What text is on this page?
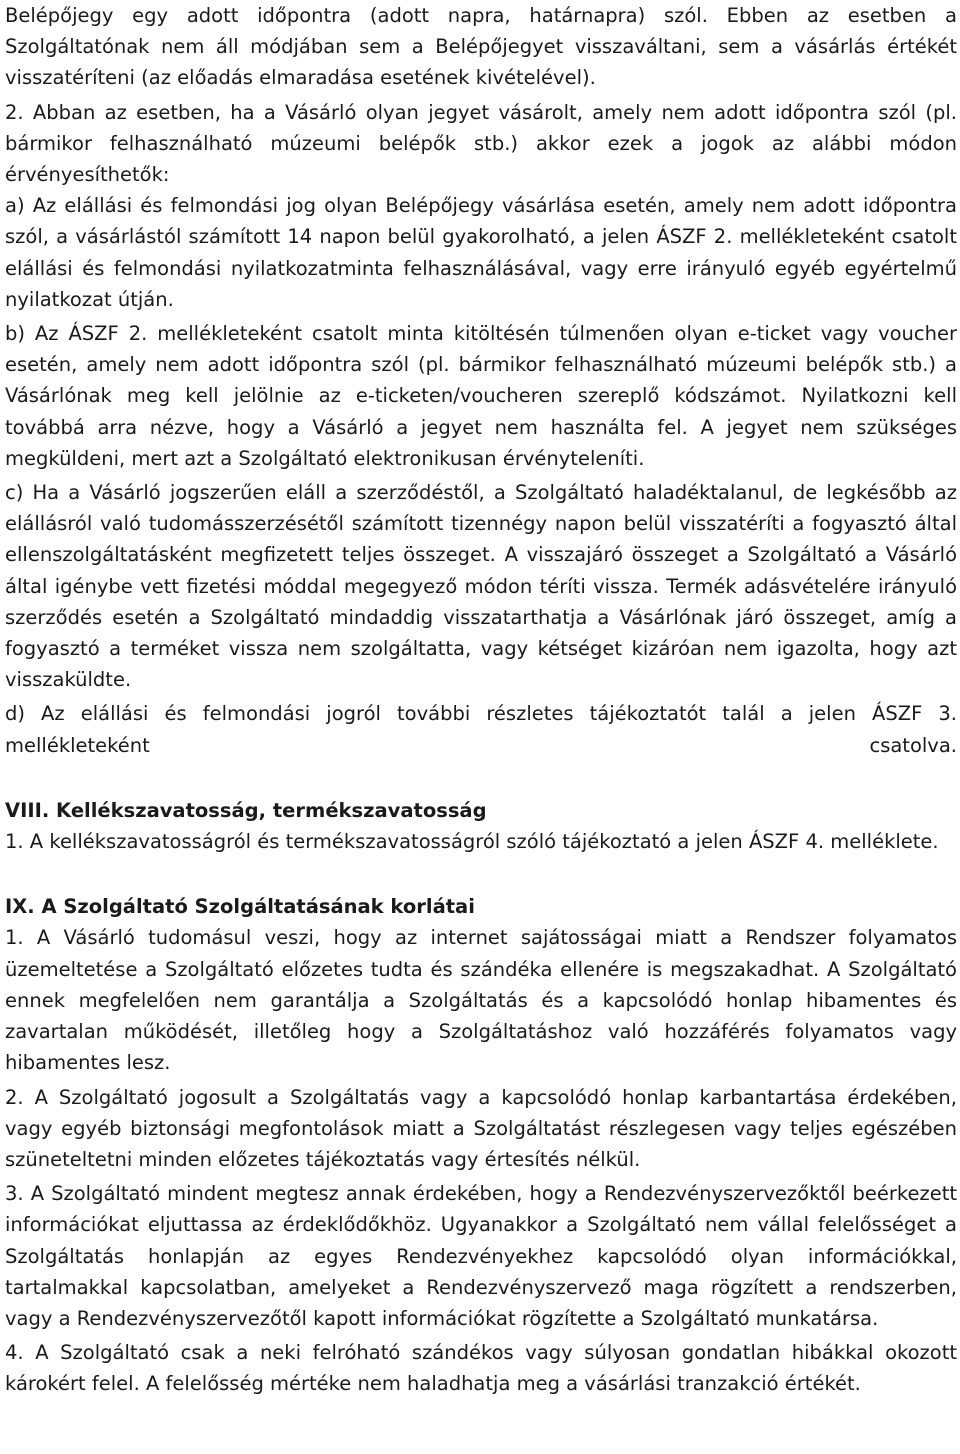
Belépőjegy egy adott időpontra (adott napra, határnapra) szól. Ebben az esetben a Szolgáltatónak nem áll módjában sem a Belépőjegyet visszaváltani, sem a vásárlás értékét visszatéríteni (az előadás elmaradása esetének kivételével).

2. Abban az esetben, ha a Vásárló olyan jegyet vásárolt, amely nem adott időpontra szól (pl. bármikor felhasználható múzeumi belépők stb.) akkor ezek a jogok az alábbi módon érvényesíthetők:

a) Az elállási és felmondási jog olyan Belépőjegy vásárlása esetén, amely nem adott időpontra szól, a vásárlástól számított 14 napon belül gyakorolható, a jelen ÁSZF 2. mellékleteként csatolt elállási és felmondási nyilatkozatminta felhasználásával, vagy erre irányuló egyéb egyértelmű nyilatkozat útján.

b) Az ÁSZF 2. mellékleteként csatolt minta kitöltésén túlmenően olyan e-ticket vagy voucher esetén, amely nem adott időpontra szól (pl. bármikor felhasználható múzeumi belépők stb.) a Vásárlónak meg kell jelölnie az e-ticketen/voucheren szereplő kódszámot. Nyilatkozni kell továbbá arra nézve, hogy a Vásárló a jegyet nem használta fel. A jegyet nem szükséges megküldeni, mert azt a Szolgáltató elektronikusan érvényteleníti.

c) Ha a Vásárló jogszerűen eláll a szerződéstől, a Szolgáltató haladéktalanul, de legkésőbb az elállásról való tudomásszerzésétől számított tizennégy napon belül visszatéríti a fogyasztó által ellenszolgáltatásként megfizetett teljes összeget. A visszajáró összeget a Szolgáltató a Vásárló által igénybe vett fizetési móddal megegyező módon téríti vissza. Termék adásvételére irányuló szerződés esetén a Szolgáltató mindaddig visszatarthatja a Vásárlónak járó összeget, amíg a fogyasztó a terméket vissza nem szolgáltatta, vagy kétséget kizáróan nem igazolta, hogy azt visszaküldte.

d) Az elállási és felmondási jogról további részletes tájékoztatót talál a jelen ÁSZF 3. mellékleteként csatolva.

VIII. Kellékszavatosság, termékszavatosság

1. A kellékszavatosságról és termékszavatosságról szóló tájékoztató a jelen ÁSZF 4. melléklete.

IX. A Szolgáltató Szolgáltatásának korlátai

1. A Vásárló tudomásul veszi, hogy az internet sajátosságai miatt a Rendszer folyamatos üzemeltetése a Szolgáltató előzetes tudta és szándéka ellenére is megszakadhat. A Szolgáltató ennek megfelelően nem garantálja a Szolgáltatás és a kapcsolódó honlap hibamentes és zavartalan működését, illetőleg hogy a Szolgáltatáshoz való hozzáférés folyamatos vagy hibamentes lesz.

2. A Szolgáltató jogosult a Szolgáltatás vagy a kapcsolódó honlap karbantartása érdekében, vagy egyéb biztonsági megfontolások miatt a Szolgáltatást részlegesen vagy teljes egészében szüneteltetni minden előzetes tájékoztatás vagy értesítés nélkül.

3. A Szolgáltató mindent megtesz annak érdekében, hogy a Rendezvényszervezőktől beérkezett információkat eljuttassa az érdeklődőkhöz. Ugyanakkor a Szolgáltató nem vállal felelősséget a Szolgáltatás honlapján az egyes Rendezvényekhez kapcsolódó olyan információkkal, tartalmakkal kapcsolatban, amelyeket a Rendezvényszervező maga rögzített a rendszerben, vagy a Rendezvényszervezőtől kapott információkat rögzítette a Szolgáltató munkatársa.

4. A Szolgáltató csak a neki felróható szándékos vagy súlyosan gondatlan hibákkal okozott károkért felel. A felelősség mértéke nem haladhatja meg a vásárlási tranzakció értékét.
